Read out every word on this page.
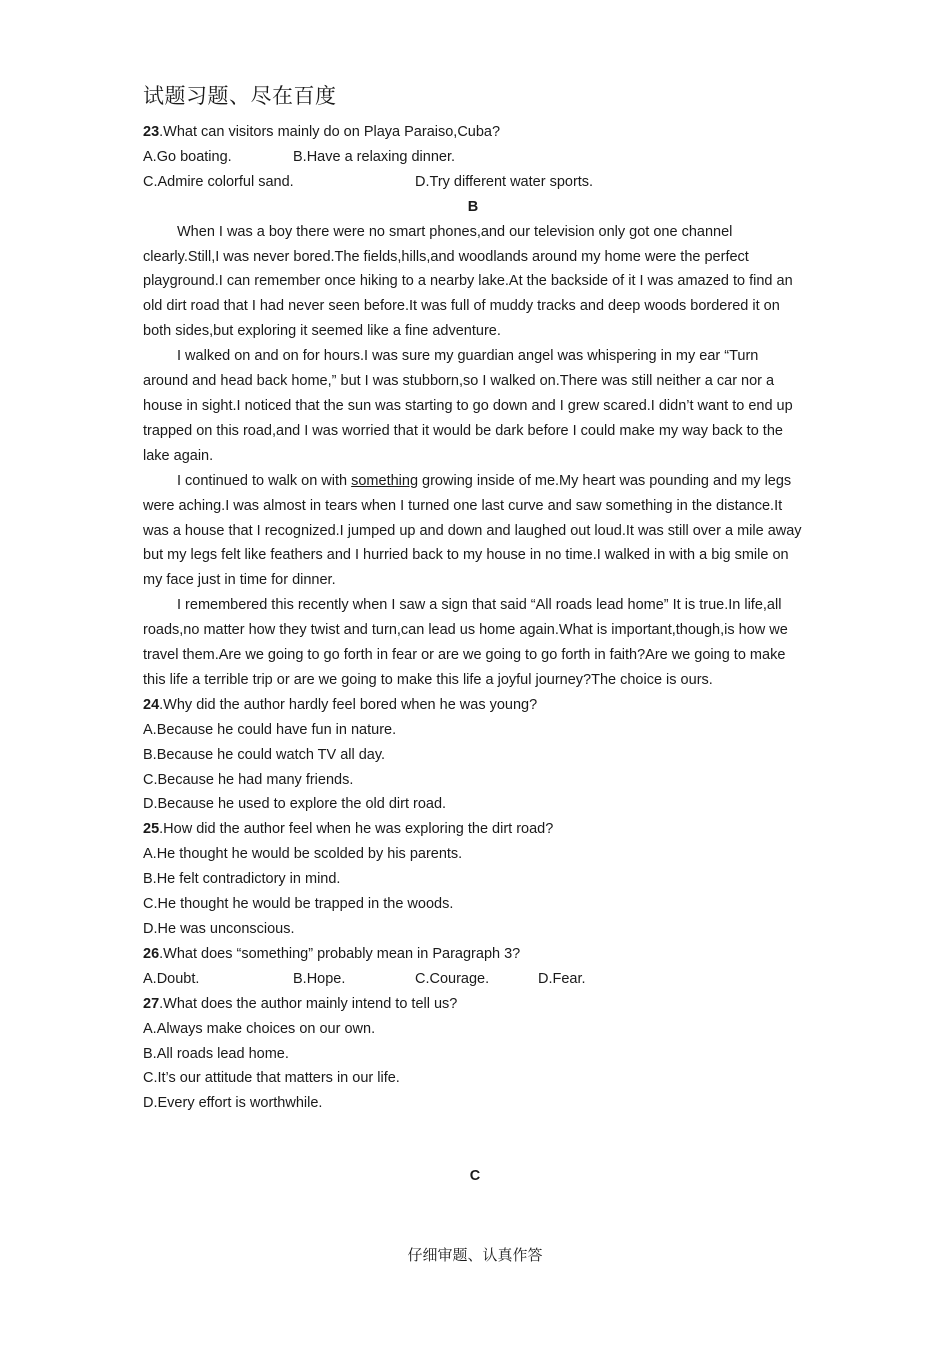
试题习题、尽在百度
23.What can visitors mainly do on Playa Paraiso,Cuba?
A.Go boating.	B.Have a relaxing dinner.
C.Admire colorful sand.	D.Try different water sports.
B
When I was a boy there were no smart phones,and our television only got one channel clearly.Still,I was never bored.The fields,hills,and woodlands around my home were the perfect playground.I can remember once hiking to a nearby lake.At the backside of it I was amazed to find an old dirt road that I had never seen before.It was full of muddy tracks and deep woods bordered it on both sides,but exploring it seemed like a fine adventure.
I walked on and on for hours.I was sure my guardian angel was whispering in my ear “Turn around and head back home,” but I was stubborn,so I walked on.There was still neither a car nor a house in sight.I noticed that the sun was starting to go down and I grew scared.I didn’t want to end up trapped on this road,and I was worried that it would be dark before I could make my way back to the lake again.
I continued to walk on with something growing inside of me.My heart was pounding and my legs were aching.I was almost in tears when I turned one last curve and saw something in the distance.It was a house that I recognized.I jumped up and down and laughed out loud.It was still over a mile away but my legs felt like feathers and I hurried back to my house in no time.I walked in with a big smile on my face just in time for dinner.
I remembered this recently when I saw a sign that said “All roads lead home” It is true.In life,all roads,no matter how they twist and turn,can lead us home again.What is important,though,is how we travel them.Are we going to go forth in fear or are we going to go forth in faith?Are we going to make this life a terrible trip or are we going to make this life a joyful journey?The choice is ours.
24.Why did the author hardly feel bored when he was young?
A.Because he could have fun in nature.
B.Because he could watch TV all day.
C.Because he had many friends.
D.Because he used to explore the old dirt road.
25.How did the author feel when he was exploring the dirt road?
A.He thought he would be scolded by his parents.
B.He felt contradictory in mind.
C.He thought he would be trapped in the woods.
D.He was unconscious.
26.What does “something” probably mean in Paragraph 3?
A.Doubt.	B.Hope.	C.Courage.	D.Fear.
27.What does the author mainly intend to tell us?
A.Always make choices on our own.
B.All roads lead home.
C.It’s our attitude that matters in our life.
D.Every effort is worthwhile.
C
仔细审题、认真作答
